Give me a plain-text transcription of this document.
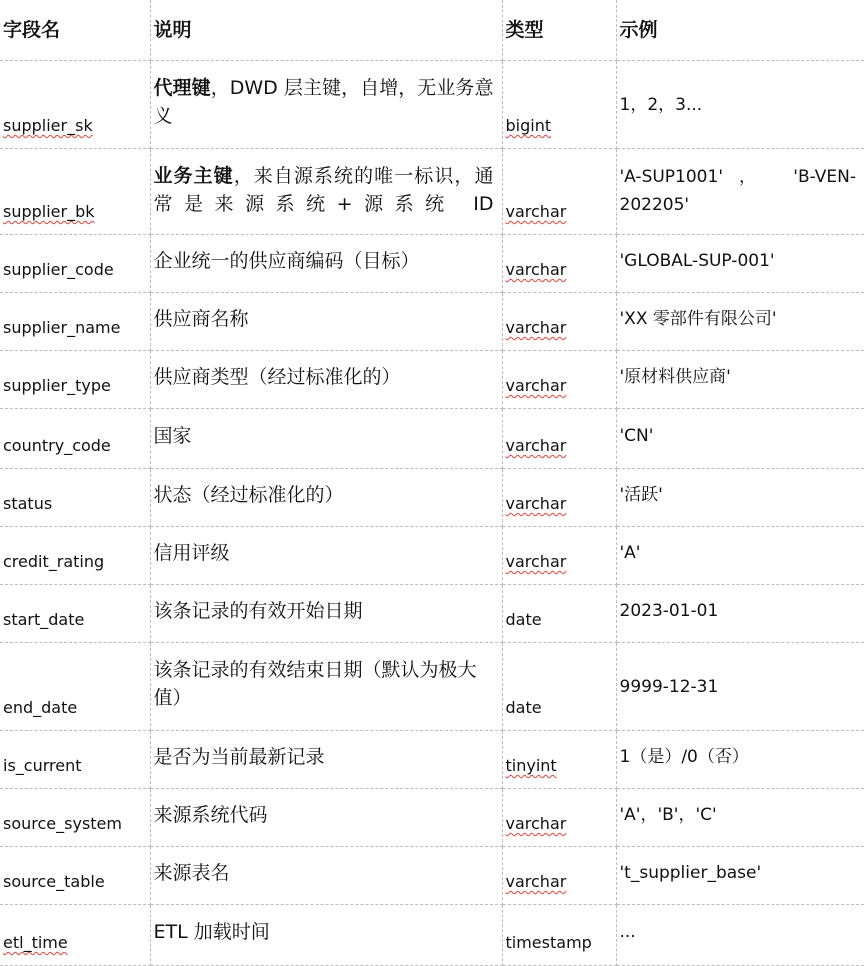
字段名	说明	类型	示例
supplier_sk	代理键，DWD 层主键，自增，无业务意义	bigint	1，2，3...
supplier_bk	业务主键，来自源系统的唯一标识，通常是来源系统+源系统 ID	varchar	'A-SUP1001'， 'B-VEN-202205'
supplier_code	企业统一的供应商编码（目标）	varchar	'GLOBAL-SUP-001'
supplier_name	供应商名称	varchar	'XX 零部件有限公司'
supplier_type	供应商类型（经过标准化的）	varchar	'原材料供应商'
country_code	国家	varchar	'CN'
status	状态（经过标准化的）	varchar	'活跃'
credit_rating	信用评级	varchar	'A'
start_date	该条记录的有效开始日期	date	2023-01-01
end_date	该条记录的有效结束日期（默认为极大值）	date	9999-12-31
is_current	是否为当前最新记录	tinyint	1（是）/0（否）
source_system	来源系统代码	varchar	'A'，'B'，'C'
source_table	来源表名	varchar	't_supplier_base'
etl_time	ETL 加载时间	timestamp	...
